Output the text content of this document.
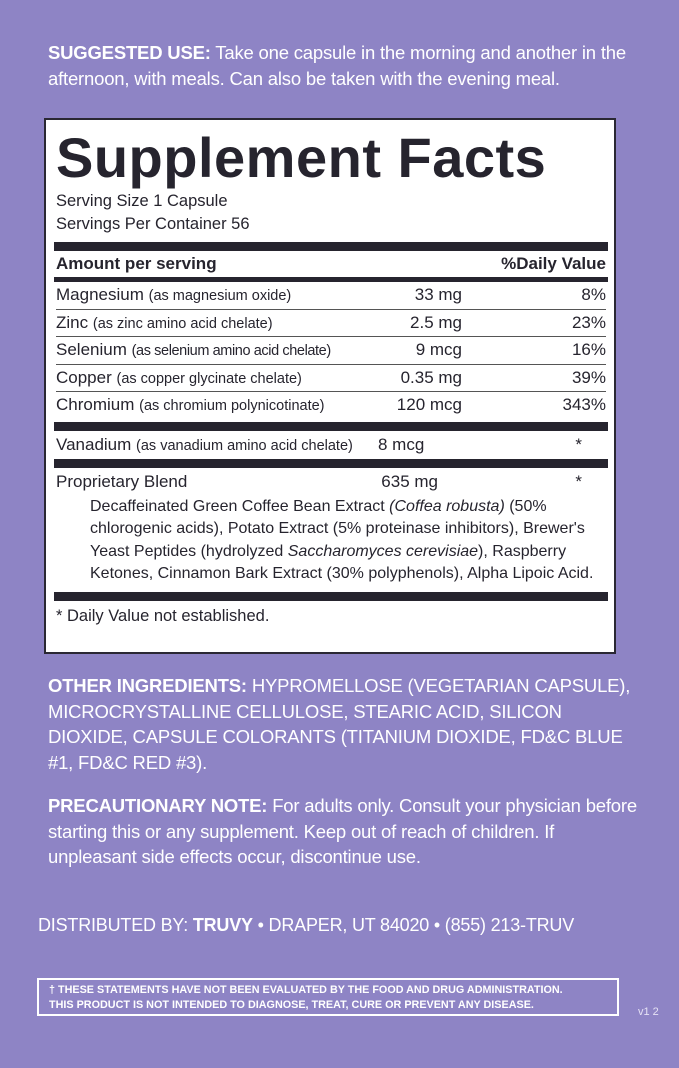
SUGGESTED USE: Take one capsule in the morning and another in the afternoon, with meals. Can also be taken with the evening meal.
Supplement Facts
Serving Size 1 Capsule
Servings Per Container 56
Amount per serving	%Daily Value
Magnesium (as magnesium oxide)	33 mg	8%
Zinc (as zinc amino acid chelate)	2.5 mg	23%
Selenium (as selenium amino acid chelate)	9 mcg	16%
Copper (as copper glycinate chelate)	0.35 mg	39%
Chromium (as chromium polynicotinate)	120 mcg	343%
Vanadium (as vanadium amino acid chelate)	8 mcg	*
Proprietary Blend	635 mg	*
Decaffeinated Green Coffee Bean Extract (Coffea robusta) (50% chlorogenic acids), Potato Extract (5% proteinase inhibitors), Brewer's Yeast Peptides (hydrolyzed Saccharomyces cerevisiae), Raspberry Ketones, Cinnamon Bark Extract (30% polyphenols), Alpha Lipoic Acid.
* Daily Value not established.
OTHER INGREDIENTS: HYPROMELLOSE (VEGETARIAN CAPSULE), MICROCRYSTALLINE CELLULOSE, STEARIC ACID, SILICON DIOXIDE, CAPSULE COLORANTS (TITANIUM DIOXIDE, FD&C BLUE #1, FD&C RED #3).
PRECAUTIONARY NOTE: For adults only. Consult your physician before starting this or any supplement. Keep out of reach of children. If unpleasant side effects occur, discontinue use.
DISTRIBUTED BY: TRUVY • DRAPER, UT 84020 • (855) 213-TRUV
† THESE STATEMENTS HAVE NOT BEEN EVALUATED BY THE FOOD AND DRUG ADMINISTRATION.
THIS PRODUCT IS NOT INTENDED TO DIAGNOSE, TREAT, CURE OR PREVENT ANY DISEASE.
v1 2
